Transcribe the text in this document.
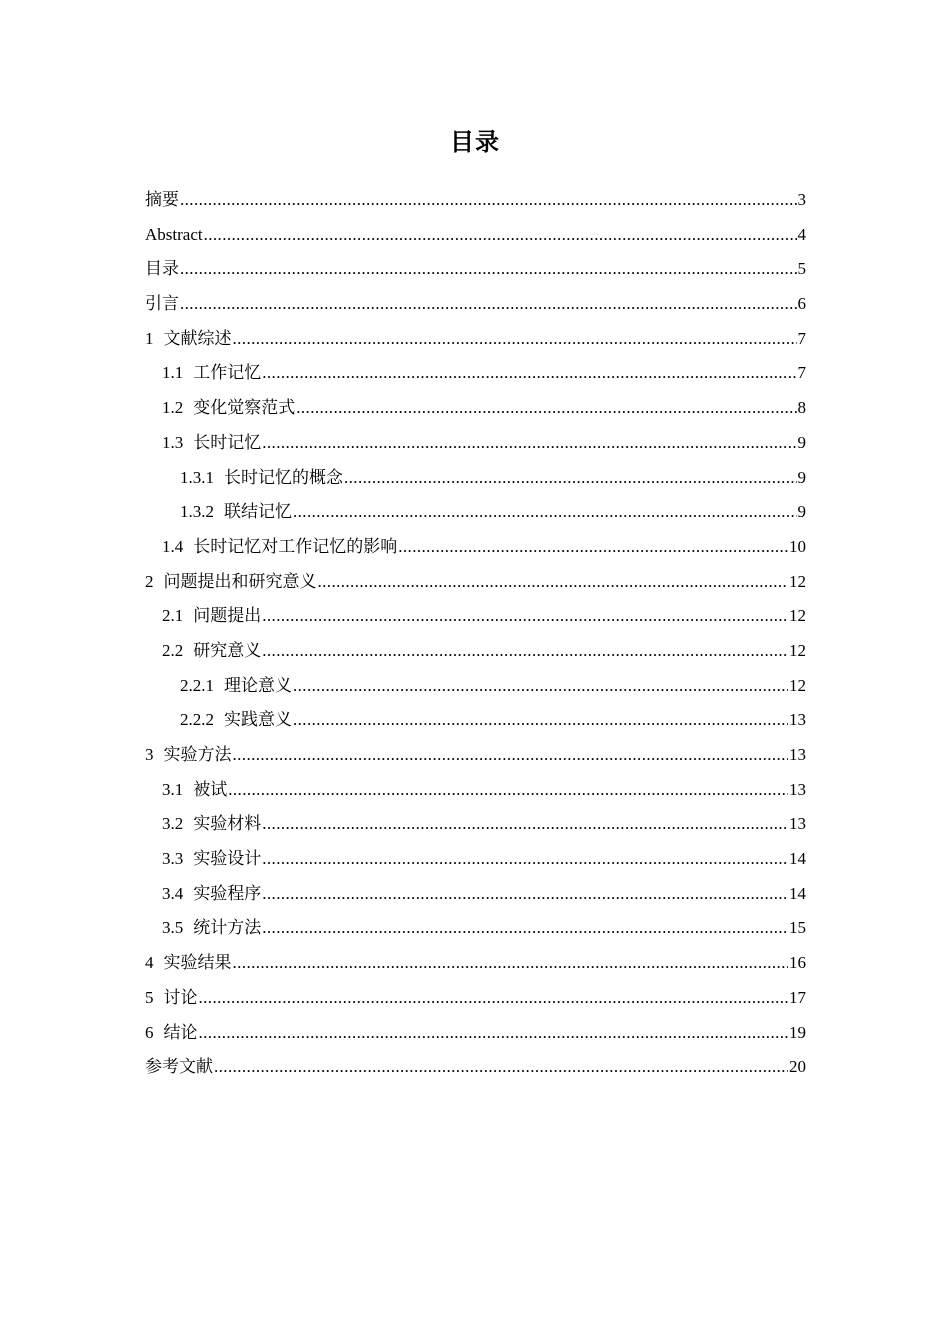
目录
摘要 .....	3
Abstract .....	4
目录 .....	5
引言 .....	6
1 文献综述 .....	7
1.1 工作记忆 .....	7
1.2 变化觉察范式 .....	8
1.3 长时记忆 .....	9
1.3.1 长时记忆的概念 .....	9
1.3.2 联结记忆 .....	9
1.4 长时记忆对工作记忆的影响 .....	10
2 问题提出和研究意义 .....	12
2.1 问题提出 .....	12
2.2 研究意义 .....	12
2.2.1 理论意义 .....	12
2.2.2 实践意义 .....	13
3 实验方法 .....	13
3.1 被试 .....	13
3.2 实验材料 .....	13
3.3 实验设计 .....	14
3.4 实验程序 .....	14
3.5 统计方法 .....	15
4 实验结果 .....	16
5 讨论 .....	17
6 结论 .....	19
参考文献 .....	20
